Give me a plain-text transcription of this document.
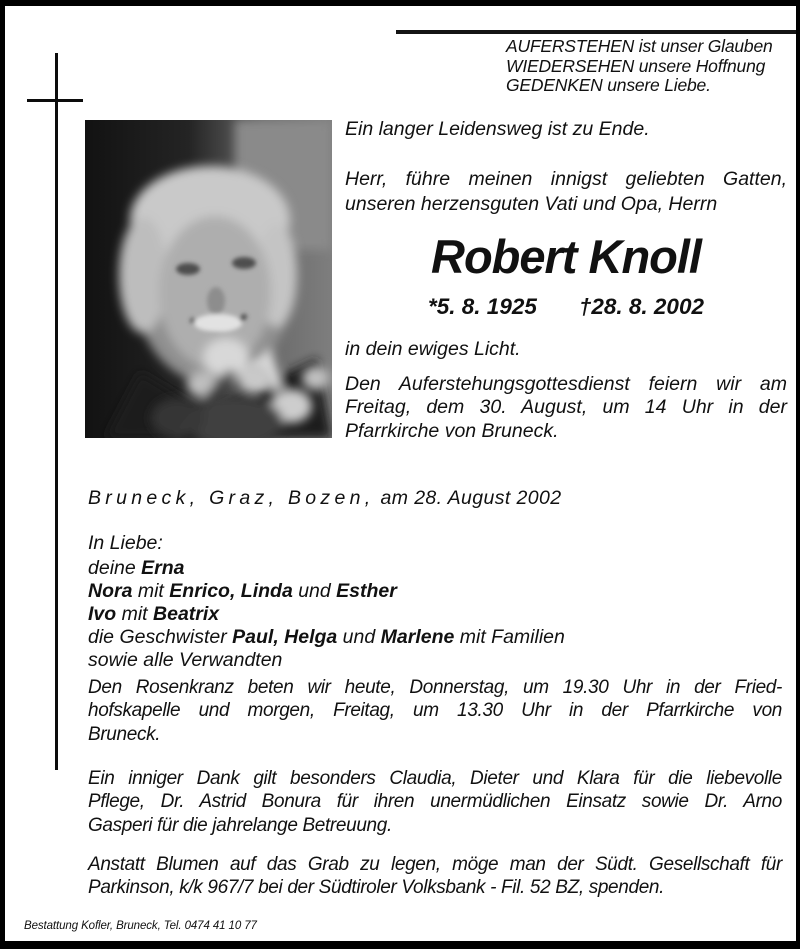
AUFERSTEHEN ist unser Glauben
WIEDERSEHEN unsere Hoffnung
GEDENKEN unsere Liebe.
Ein langer Leidensweg ist zu Ende.
Herr, führe meinen innigst geliebten Gatten,
unseren herzensguten Vati und Opa, Herrn
Robert Knoll
*5. 8. 1925 †28. 8. 2002
in dein ewiges Licht.
Den Auferstehungsgottesdienst feiern wir am
Freitag, dem 30. August, um 14 Uhr in der
Pfarrkirche von Bruneck.
Bruneck, Graz, Bozen, am 28. August 2002
In Liebe:
deine Erna
Nora mit Enrico, Linda und Esther
Ivo mit Beatrix
die Geschwister Paul, Helga und Marlene mit Familien
sowie alle Verwandten
Den Rosenkranz beten wir heute, Donnerstag, um 19.30 Uhr in der Fried-
hofskapelle und morgen, Freitag, um 13.30 Uhr in der Pfarrkirche von
Bruneck.
Ein inniger Dank gilt besonders Claudia, Dieter und Klara für die liebevolle
Pflege, Dr. Astrid Bonura für ihren unermüdlichen Einsatz sowie Dr. Arno
Gasperi für die jahrelange Betreuung.
Anstatt Blumen auf das Grab zu legen, möge man der Südt. Gesellschaft für
Parkinson, k/k 967/7 bei der Südtiroler Volksbank - Fil. 52 BZ, spenden.
Bestattung Kofler, Bruneck, Tel. 0474 41 10 77
